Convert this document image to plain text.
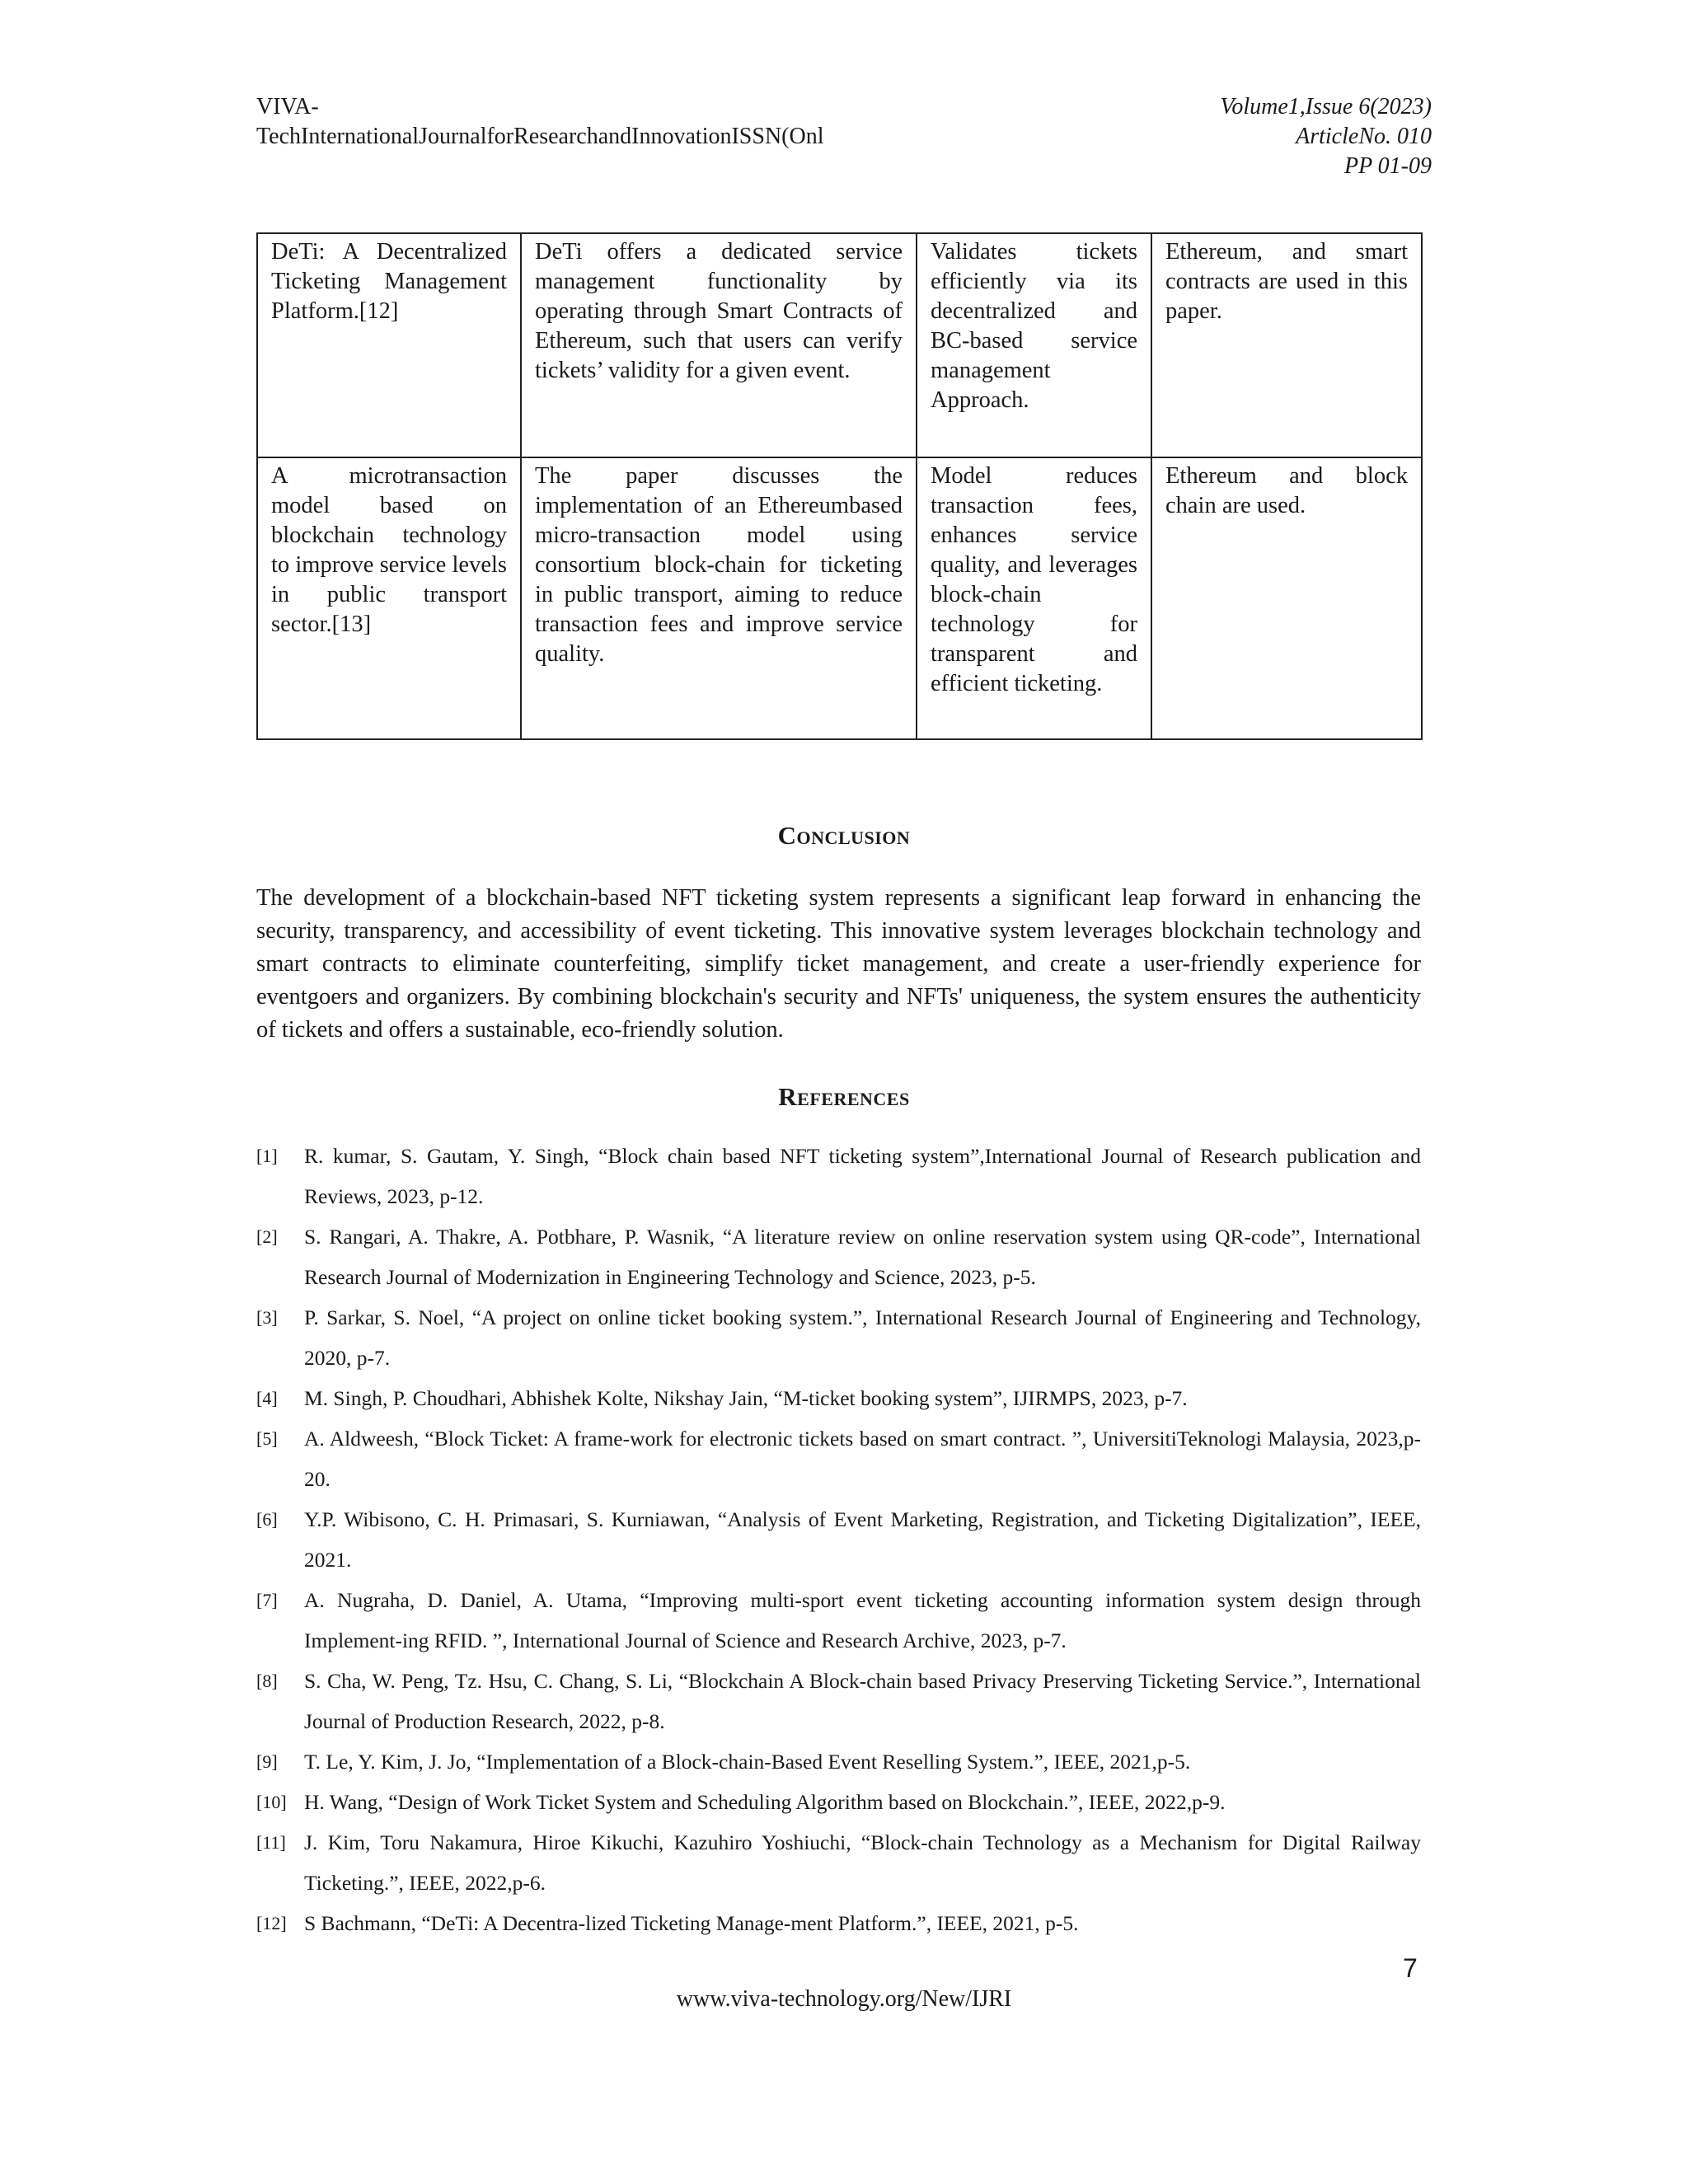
VIVA-
TechInternationalJournalforResearchandInnovationISSN(Onl
Volume1,Issue 6(2023)
ArticleNo. 010
PP 01-09
DeTi: A Decentralized Ticketing Management Platform.[12]	DeTi offers a dedicated service management functionality by operating through Smart Contracts of Ethereum, such that users can verify tickets’ validity for a given event.	Validates tickets efficiently via its decentralized and BC-based service management Approach.	Ethereum, and smart contracts are used in this paper.
A microtransaction model based on blockchain technology to improve service levels in public transport sector.[13]	The paper discusses the implementation of an Ethereumbased micro-transaction model using consortium block-chain for ticketing in public transport, aiming to reduce transaction fees and improve service quality.	Model reduces transaction fees, enhances service quality, and leverages block-chain technology for transparent and efficient ticketing.	Ethereum and block chain are used.
Conclusion

The development of a blockchain-based NFT ticketing system represents a significant leap forward in enhancing the security, transparency, and accessibility of event ticketing. This innovative system leverages blockchain technology and smart contracts to eliminate counterfeiting, simplify ticket management, and create a user-friendly experience for eventgoers and organizers. By combining blockchain's security and NFTs' uniqueness, the system ensures the authenticity of tickets and offers a sustainable, eco-friendly solution.

References
[1]	R. kumar, S. Gautam, Y. Singh, “Block chain based NFT ticketing system”,International Journal of Research publication and Reviews, 2023, p-12.
[2]	S. Rangari, A. Thakre, A. Potbhare, P. Wasnik, “A literature review on online reservation system using QR-code”, International Research Journal of Modernization in Engineering Technology and Science, 2023, p-5.
[3]	P. Sarkar, S. Noel, “A project on online ticket booking system.”, International Research Journal of Engineering and Technology, 2020, p-7.
[4]	M. Singh, P. Choudhari, Abhishek Kolte, Nikshay Jain, “M-ticket booking system”, IJIRMPS, 2023, p-7.
[5]	A. Aldweesh, “Block Ticket: A frame-work for electronic tickets based on smart contract. ”, UniversitiTeknologi Malaysia, 2023,p-20.
[6]	Y.P. Wibisono, C. H. Primasari, S. Kurniawan, “Analysis of Event Marketing, Registration, and Ticketing Digitalization”, IEEE, 2021.
[7]	A. Nugraha, D. Daniel, A. Utama, “Improving multi-sport event ticketing accounting information system design through Implement-ing RFID. ”, International Journal of Science and Research Archive, 2023, p-7.
[8]	S. Cha, W. Peng, Tz. Hsu, C. Chang, S. Li, “Blockchain A Block-chain based Privacy Preserving Ticketing Service.”, International Journal of Production Research, 2022, p-8.
[9]	T. Le, Y. Kim, J. Jo, “Implementation of a Block-chain-Based Event Reselling System.”, IEEE, 2021,p-5.
[10] H. Wang, “Design of Work Ticket System and Scheduling Algorithm based on Blockchain.”, IEEE, 2022,p-9.
[11] J. Kim, Toru Nakamura, Hiroe Kikuchi, Kazuhiro Yoshiuchi, “Block-chain Technology as a Mechanism for Digital Railway Ticketing.”, IEEE, 2022,p-6.
[12] S Bachmann, “DeTi: A Decentra-lized Ticketing Manage-ment Platform.”, IEEE, 2021, p-5.
7
www.viva-technology.org/New/IJRI
